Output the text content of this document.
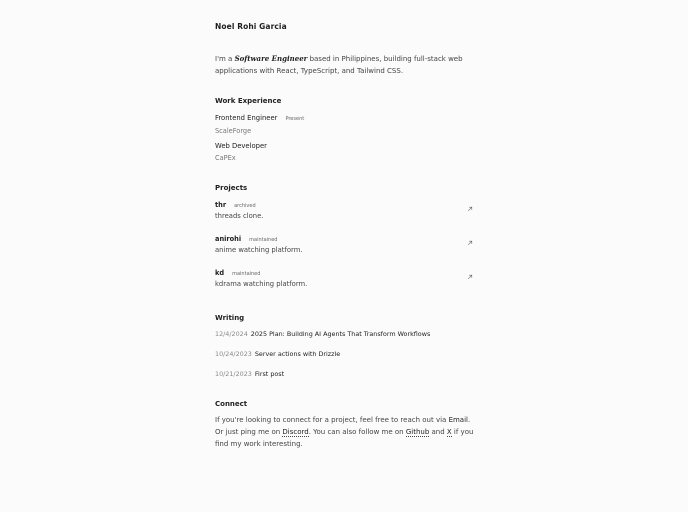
Noel Rohi Garcia
I'm a Software Engineer based in Philippines, building full-stack web applications with React, TypeScript, and Tailwind CSS.
Work Experience
Frontend Engineer Present
ScaleForge
Web Developer
CaPEx
Projects
thr archived
threads clone.
anirohi maintained
anime watching platform.
kd maintained
kdrama watching platform.
Writing
12/4/2024 2025 Plan: Building AI Agents That Transform Workflows
10/24/2023 Server actions with Drizzle
10/21/2023 First post
Connect
If you're looking to connect for a project, feel free to reach out via Email. Or just ping me on Discord. You can also follow me on Github and X if you find my work interesting.
